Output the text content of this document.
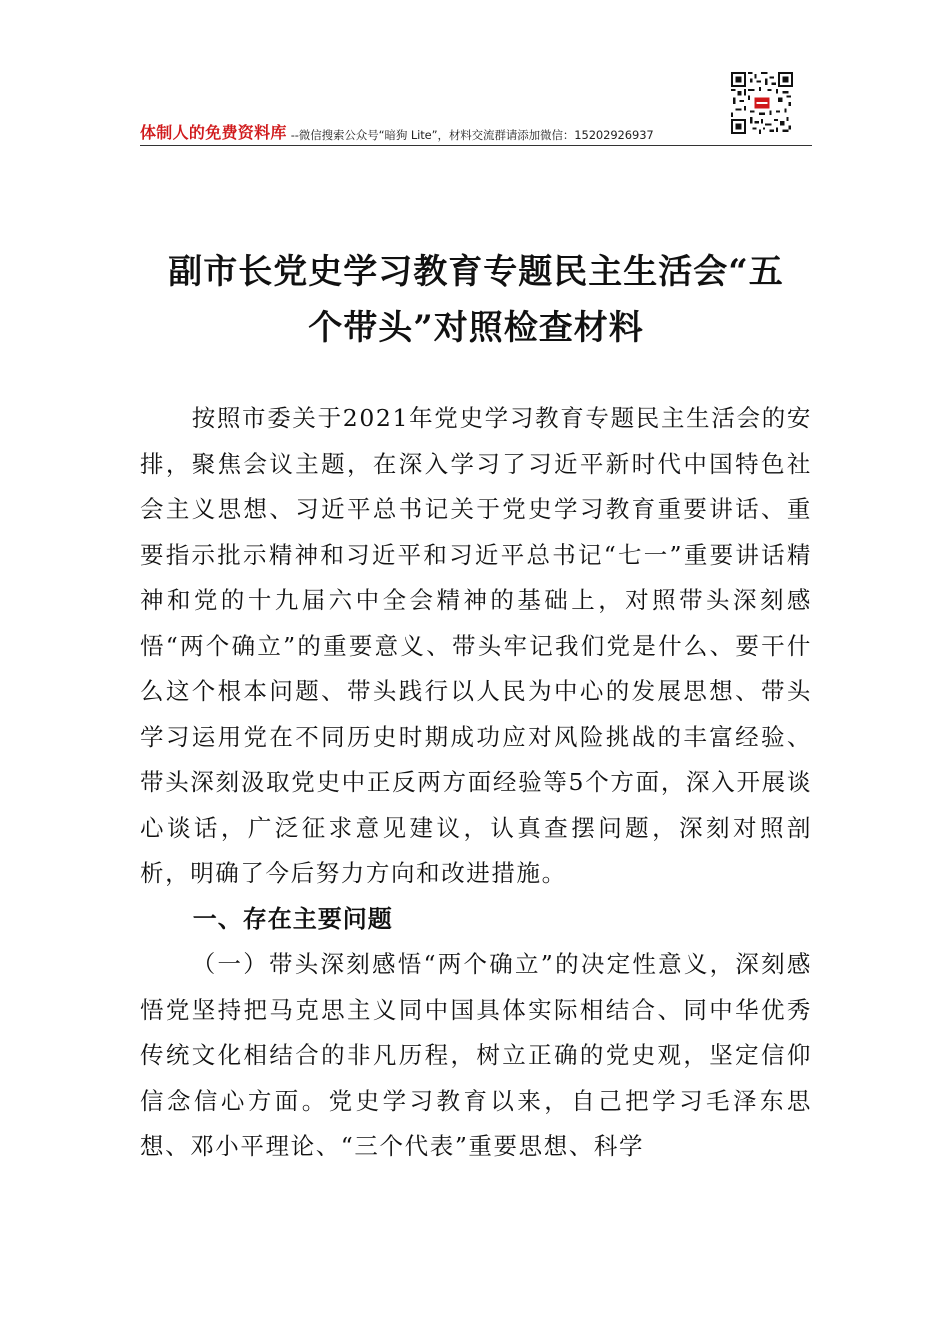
体制人的免费资料库 --微信搜索公众号“暗狗 Lite”，材料交流群请添加微信：15202926937
副市长党史学习教育专题民主生活会“五
个带头”对照检查材料

按照市委关于2021年党史学习教育专题民主生活会的安排，聚焦会议主题，在深入学习了习近平新时代中国特色社会主义思想、习近平总书记关于党史学习教育重要讲话、重要指示批示精神和习近平和习近平总书记“七一”重要讲话精神和党的十九届六中全会精神的基础上，对照带头深刻感悟“两个确立”的重要意义、带头牢记我们党是什么、要干什么这个根本问题、带头践行以人民为中心的发展思想、带头学习运用党在不同历史时期成功应对风险挑战的丰富经验、带头深刻汲取党史中正反两方面经验等5个方面，深入开展谈心谈话，广泛征求意见建议，认真查摆问题，深刻对照剖析，明确了今后努力方向和改进措施。

一、存在主要问题

（一）带头深刻感悟“两个确立”的决定性意义，深刻感悟党坚持把马克思主义同中国具体实际相结合、同中华优秀传统文化相结合的非凡历程，树立正确的党史观，坚定信仰信念信心方面。党史学习教育以来，自己把学习毛泽东思想、邓小平理论、“三个代表”重要思想、科学
